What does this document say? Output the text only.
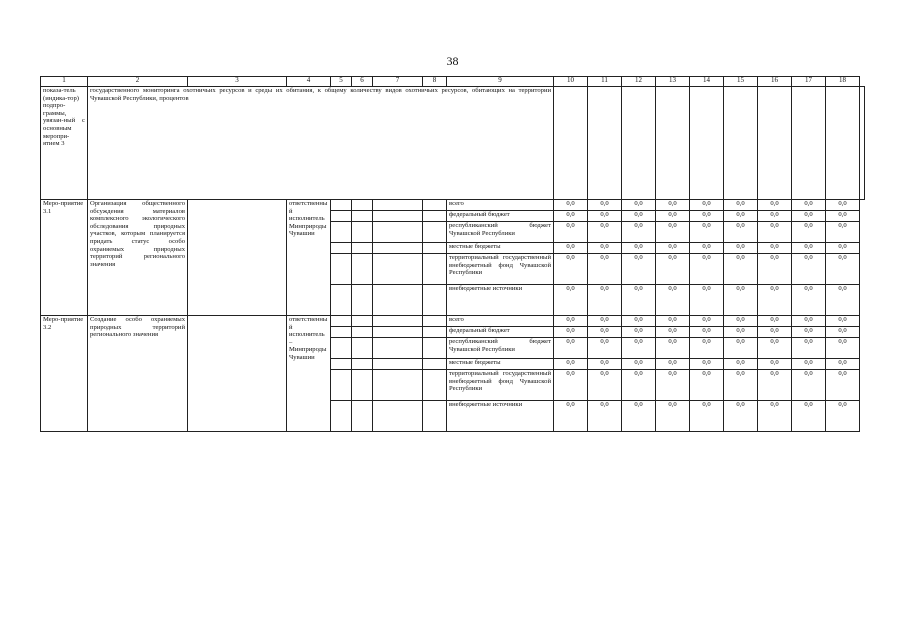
38
1	2	3	4	5	6	7	8	9	10	11	12	13	14	15	16	17	18	
показа-тель (индика-тор) подпро-граммы, увязан-ный с основным меропри-ятием 3	государственного мониторинга охотничьих ресурсов и среды их обитания, к общему количеству видов охотничьих ресурсов, обитающих на территории Чувашской Республики, процентов																	
Меро-приятие 3.1	Организация общественного обсуждения материалов комплексного экологического обследования природных участков, которым планируется придать статус особо охраняемых природных территорий регионального значения		ответственный исполнитель Минприроды Чувашии					всего	0,0	0,0	0,0	0,0	0,0	0,0	0,0	0,0	0,0	
								федеральный бюджет	0,0	0,0	0,0	0,0	0,0	0,0	0,0	0,0	0,0	
								республиканский бюджет Чувашской Республики	0,0	0,0	0,0	0,0	0,0	0,0	0,0	0,0	0,0	
								местные бюджеты	0,0	0,0	0,0	0,0	0,0	0,0	0,0	0,0	0,0	
								территориальный государственный внебюджетный фонд Чувашской Республики	0,0	0,0	0,0	0,0	0,0	0,0	0,0	0,0	0,0	
								внебюджетные источники	0,0	0,0	0,0	0,0	0,0	0,0	0,0	0,0	0,0	
Меро-приятие 3.2	Создание особо охраняемых природных территорий регионального значения		ответственный исполнитель – Минприроды Чувашии					всего	0,0	0,0	0,0	0,0	0,0	0,0	0,0	0,0	0,0	
								федеральный бюджет	0,0	0,0	0,0	0,0	0,0	0,0	0,0	0,0	0,0	
								республиканский бюджет Чувашской Республики	0,0	0,0	0,0	0,0	0,0	0,0	0,0	0,0	0,0	
								местные бюджеты	0,0	0,0	0,0	0,0	0,0	0,0	0,0	0,0	0,0	
								территориальный государственный внебюджетный фонд Чувашской Республики	0,0	0,0	0,0	0,0	0,0	0,0	0,0	0,0	0,0	
								внебюджетные источники	0,0	0,0	0,0	0,0	0,0	0,0	0,0	0,0	0,0	
